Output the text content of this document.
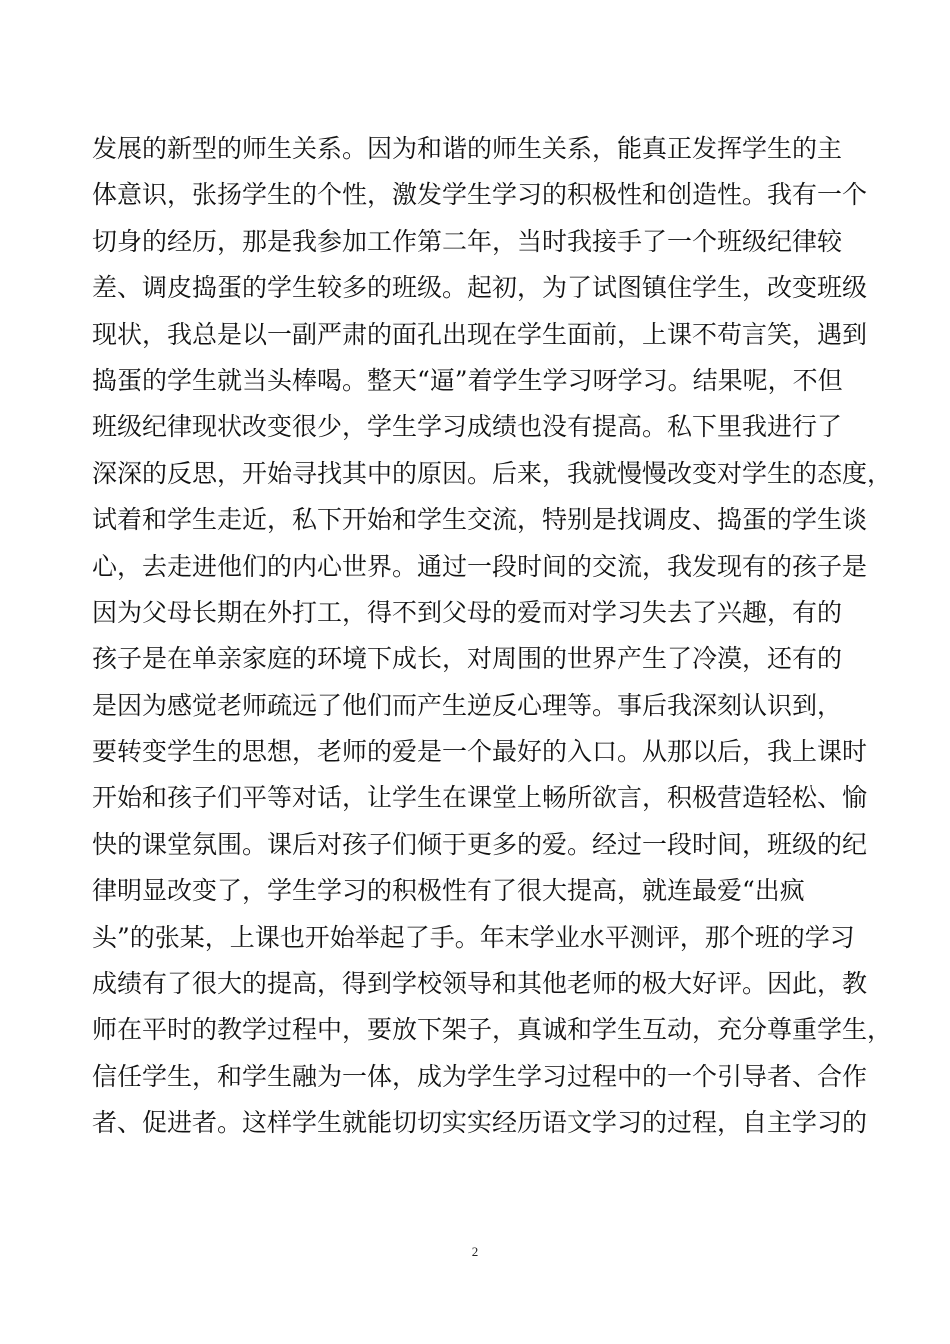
发展的新型的师生关系。因为和谐的师生关系，能真正发挥学生的主
体意识，张扬学生的个性，激发学生学习的积极性和创造性。我有一个
切身的经历，那是我参加工作第二年，当时我接手了一个班级纪律较
差、调皮捣蛋的学生较多的班级。起初，为了试图镇住学生，改变班级
现状，我总是以一副严肃的面孔出现在学生面前，上课不苟言笑，遇到
捣蛋的学生就当头棒喝。整天“逼”着学生学习呀学习。结果呢，不但
班级纪律现状改变很少，学生学习成绩也没有提高。私下里我进行了
深深的反思，开始寻找其中的原因。后来，我就慢慢改变对学生的态度，
试着和学生走近，私下开始和学生交流，特别是找调皮、捣蛋的学生谈
心，去走进他们的内心世界。通过一段时间的交流，我发现有的孩子是
因为父母长期在外打工，得不到父母的爱而对学习失去了兴趣，有的
孩子是在单亲家庭的环境下成长，对周围的世界产生了冷漠，还有的
是因为感觉老师疏远了他们而产生逆反心理等。事后我深刻认识到，
要转变学生的思想，老师的爱是一个最好的入口。从那以后，我上课时
开始和孩子们平等对话，让学生在课堂上畅所欲言，积极营造轻松、愉
快的课堂氛围。课后对孩子们倾于更多的爱。经过一段时间，班级的纪
律明显改变了，学生学习的积极性有了很大提高，就连最爱“出疯
头”的张某，上课也开始举起了手。年末学业水平测评，那个班的学习
成绩有了很大的提高，得到学校领导和其他老师的极大好评。因此，教
师在平时的教学过程中，要放下架子，真诚和学生互动，充分尊重学生，
信任学生，和学生融为一体，成为学生学习过程中的一个引导者、合作
者、促进者。这样学生就能切切实实经历语文学习的过程，自主学习的
2
